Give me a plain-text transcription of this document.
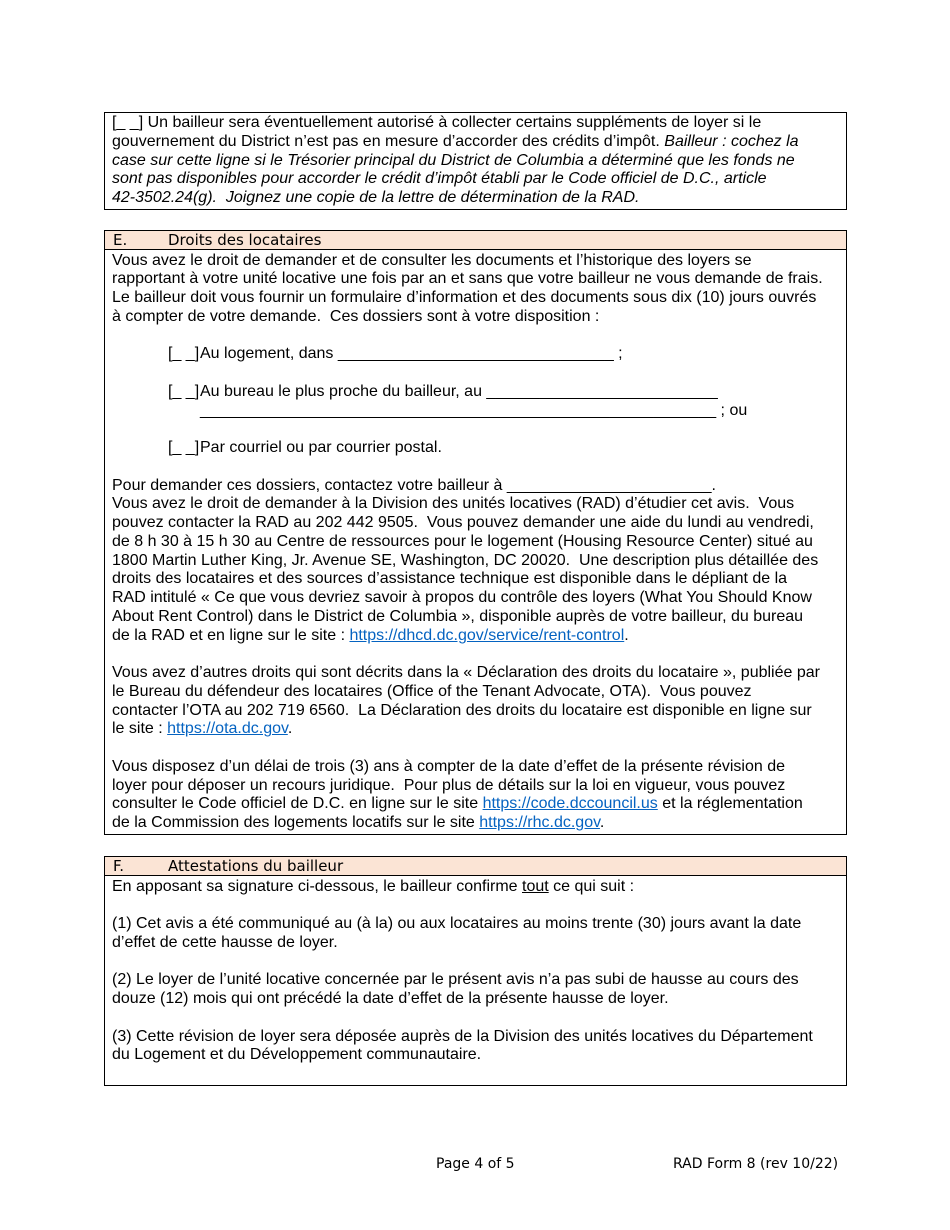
[_ _] Un bailleur sera éventuellement autorisé à collecter certains suppléments de loyer si le
gouvernement du District n’est pas en mesure d’accorder des crédits d’impôt. Bailleur : cochez la
case sur cette ligne si le Trésorier principal du District de Columbia a déterminé que les fonds ne
sont pas disponibles pour accorder le crédit d’impôt établi par le Code officiel de D.C., article
42-3502.24(g).  Joignez une copie de la lettre de détermination de la RAD.
E.	Droits des locataires
Vous avez le droit de demander et de consulter les documents et l’historique des loyers se
rapportant à votre unité locative une fois par an et sans que votre bailleur ne vous demande de frais.
Le bailleur doit vous fournir un formulaire d’information et des documents sous dix (10) jours ouvrés
à compter de votre demande.  Ces dossiers sont à votre disposition :
[_ _]Au logement, dans _______________________________ ;
[_ _]Au bureau le plus proche du bailleur, au __________________________
__________________________________________________________ ; ou
[_ _]Par courriel ou par courrier postal.
Pour demander ces dossiers, contactez votre bailleur à _______________________.
Vous avez le droit de demander à la Division des unités locatives (RAD) d’étudier cet avis.  Vous
pouvez contacter la RAD au 202 442 9505.  Vous pouvez demander une aide du lundi au vendredi,
de 8 h 30 à 15 h 30 au Centre de ressources pour le logement (Housing Resource Center) situé au
1800 Martin Luther King, Jr. Avenue SE, Washington, DC 20020.  Une description plus détaillée des
droits des locataires et des sources d’assistance technique est disponible dans le dépliant de la
RAD intitulé « Ce que vous devriez savoir à propos du contrôle des loyers (What You Should Know
About Rent Control) dans le District de Columbia », disponible auprès de votre bailleur, du bureau
de la RAD et en ligne sur le site : https://dhcd.dc.gov/service/rent-control.
Vous avez d’autres droits qui sont décrits dans la « Déclaration des droits du locataire », publiée par
le Bureau du défendeur des locataires (Office of the Tenant Advocate, OTA).  Vous pouvez
contacter l’OTA au 202 719 6560.  La Déclaration des droits du locataire est disponible en ligne sur
le site : https://ota.dc.gov.
Vous disposez d’un délai de trois (3) ans à compter de la date d’effet de la présente révision de
loyer pour déposer un recours juridique.  Pour plus de détails sur la loi en vigueur, vous pouvez
consulter le Code officiel de D.C. en ligne sur le site https://code.dccouncil.us et la réglementation
de la Commission des logements locatifs sur le site https://rhc.dc.gov.
F.	Attestations du bailleur
En apposant sa signature ci-dessous, le bailleur confirme tout ce qui suit :
(1) Cet avis a été communiqué au (à la) ou aux locataires au moins trente (30) jours avant la date
d’effet de cette hausse de loyer.
(2) Le loyer de l’unité locative concernée par le présent avis n’a pas subi de hausse au cours des
douze (12) mois qui ont précédé la date d’effet de la présente hausse de loyer.
(3) Cette révision de loyer sera déposée auprès de la Division des unités locatives du Département
du Logement et du Développement communautaire.
Page 4 of 5	RAD Form 8 (rev 10/22)
